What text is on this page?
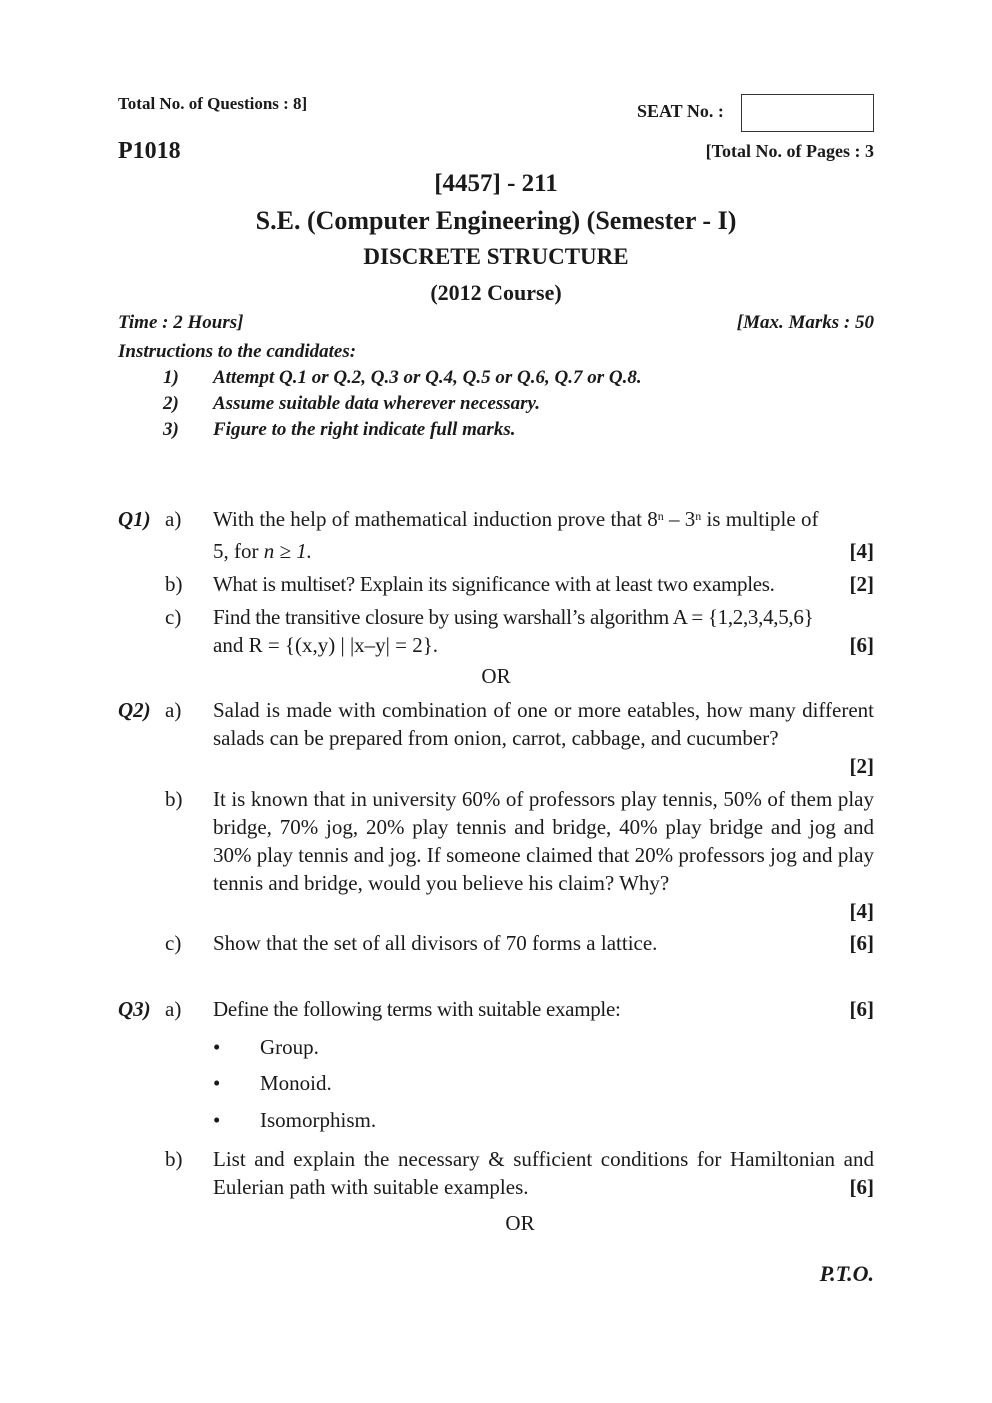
Total No. of Questions : 8]	SEAT No. :
P1018	[Total No. of Pages : 3
[4457] - 211
S.E. (Computer Engineering) (Semester - I)
DISCRETE STRUCTURE
(2012 Course)
Time : 2 Hours]	[Max. Marks : 50
Instructions to the candidates:
1) Attempt Q.1 or Q.2, Q.3 or Q.4, Q.5 or Q.6, Q.7 or Q.8.
2) Assume suitable data wherever necessary.
3) Figure to the right indicate full marks.
Q1) a) With the help of mathematical induction prove that 8$^n$ – 3$^n$ is multiple of
5, for n ≥ 1.	[4]
b) What is multiset? Explain its significance with at least two examples.	[2]
c) Find the transitive closure by using warshall’s algorithm A = {1,2,3,4,5,6}
and R = {(x,y) | |x–y| = 2}.	[6]
OR
Q2) a) Salad is made with combination of one or more eatables, how many different salads can be prepared from onion, carrot, cabbage, and cucumber?
[2]
b) It is known that in university 60% of professors play tennis, 50% of them play bridge, 70% jog, 20% play tennis and bridge, 40% play bridge and jog and 30% play tennis and jog. If someone claimed that 20% professors jog and play tennis and bridge, would you believe his claim? Why?
[4]
c) Show that the set of all divisors of 70 forms a lattice.	[6]
Q3) a) Define the following terms with suitable example:	[6]
• Group.
• Monoid.
• Isomorphism.
b) List and explain the necessary & sufficient conditions for Hamiltonian and Eulerian path with suitable examples.	[6]
OR
P.T.O.
